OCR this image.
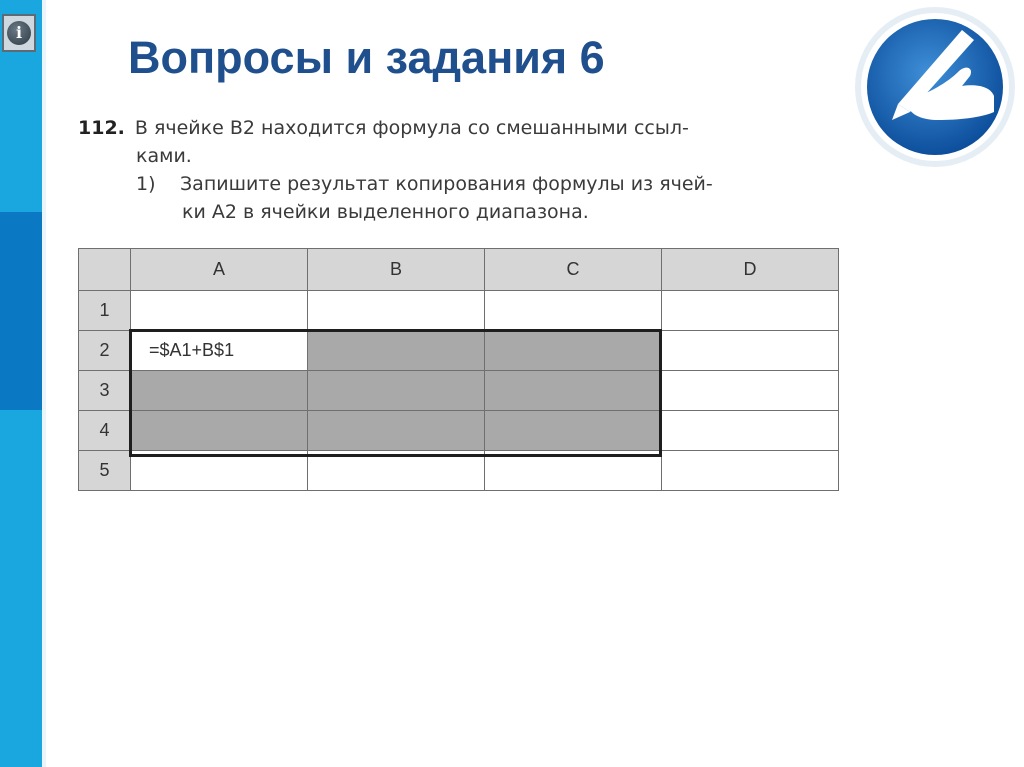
i Вопросы и задания 6
112. В ячейке В2 находится формула со смешанными ссыл-

ками.

1)	Запишите результат копирования формулы из ячей-

ки А2 в ячейки выделенного диапазона.

	A	B	C	D
1				
2	=$A1+B$1			
3				
4				
5				
